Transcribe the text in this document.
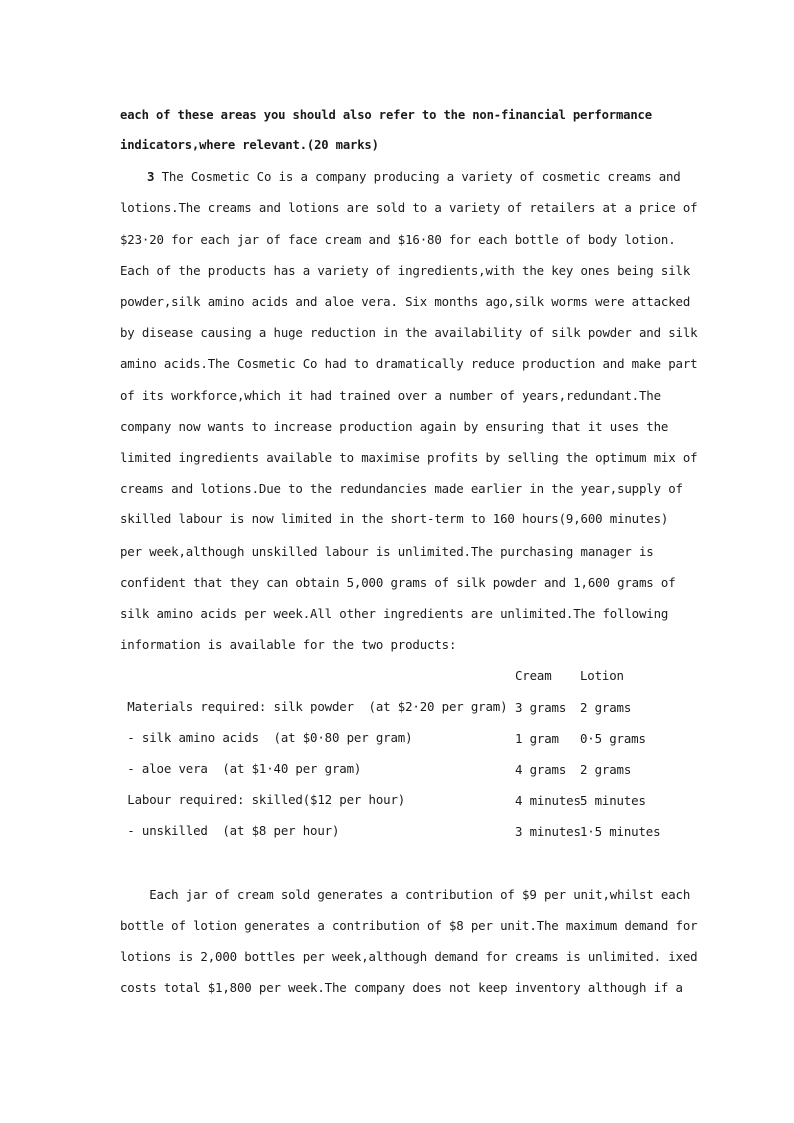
each of these areas you should also refer to the non-financial performance
indicators,where relevant.(20 marks)
3 The Cosmetic Co is a company producing a variety of cosmetic creams and
lotions.The creams and lotions are sold to a variety of retailers at a price of
$23·20 for each jar of face cream and $16·80 for each bottle of body lotion.
Each of the products has a variety of ingredients,with the key ones being silk
powder,silk amino acids and aloe vera. Six months ago,silk worms were attacked
by disease causing a huge reduction in the availability of silk powder and silk
amino acids.The Cosmetic Co had to dramatically reduce production and make part
of its workforce,which it had trained over a number of years,redundant.The
company now wants to increase production again by ensuring that it uses the
limited ingredients available to maximise profits by selling the optimum mix of
creams and lotions.Due to the redundancies made earlier in the year,supply of
skilled labour is now limited in the short-term to 160 hours(9,600 minutes)
per week,although unskilled labour is unlimited.The purchasing manager is
confident that they can obtain 5,000 grams of silk powder and 1,600 grams of
silk amino acids per week.All other ingredients are unlimited.The following
information is available for the two products:
Cream Lotion
Materials required: silk powder  (at $2·20 per gram) 3 grams 2 grams
- silk amino acids  (at $0·80 per gram)	1 gram 0·5 grams
- aloe vera  (at $1·40 per gram)	4 grams 2 grams
Labour required: skilled($12 per hour)	4 minutes 5 minutes
- unskilled  (at $8 per hour)	3 minutes 1·5 minutes
Each jar of cream sold generates a contribution of $9 per unit,whilst each
bottle of lotion generates a contribution of $8 per unit.The maximum demand for
lotions is 2,000 bottles per week,although demand for creams is unlimited. ixed
costs total $1,800 per week.The company does not keep inventory although if a
